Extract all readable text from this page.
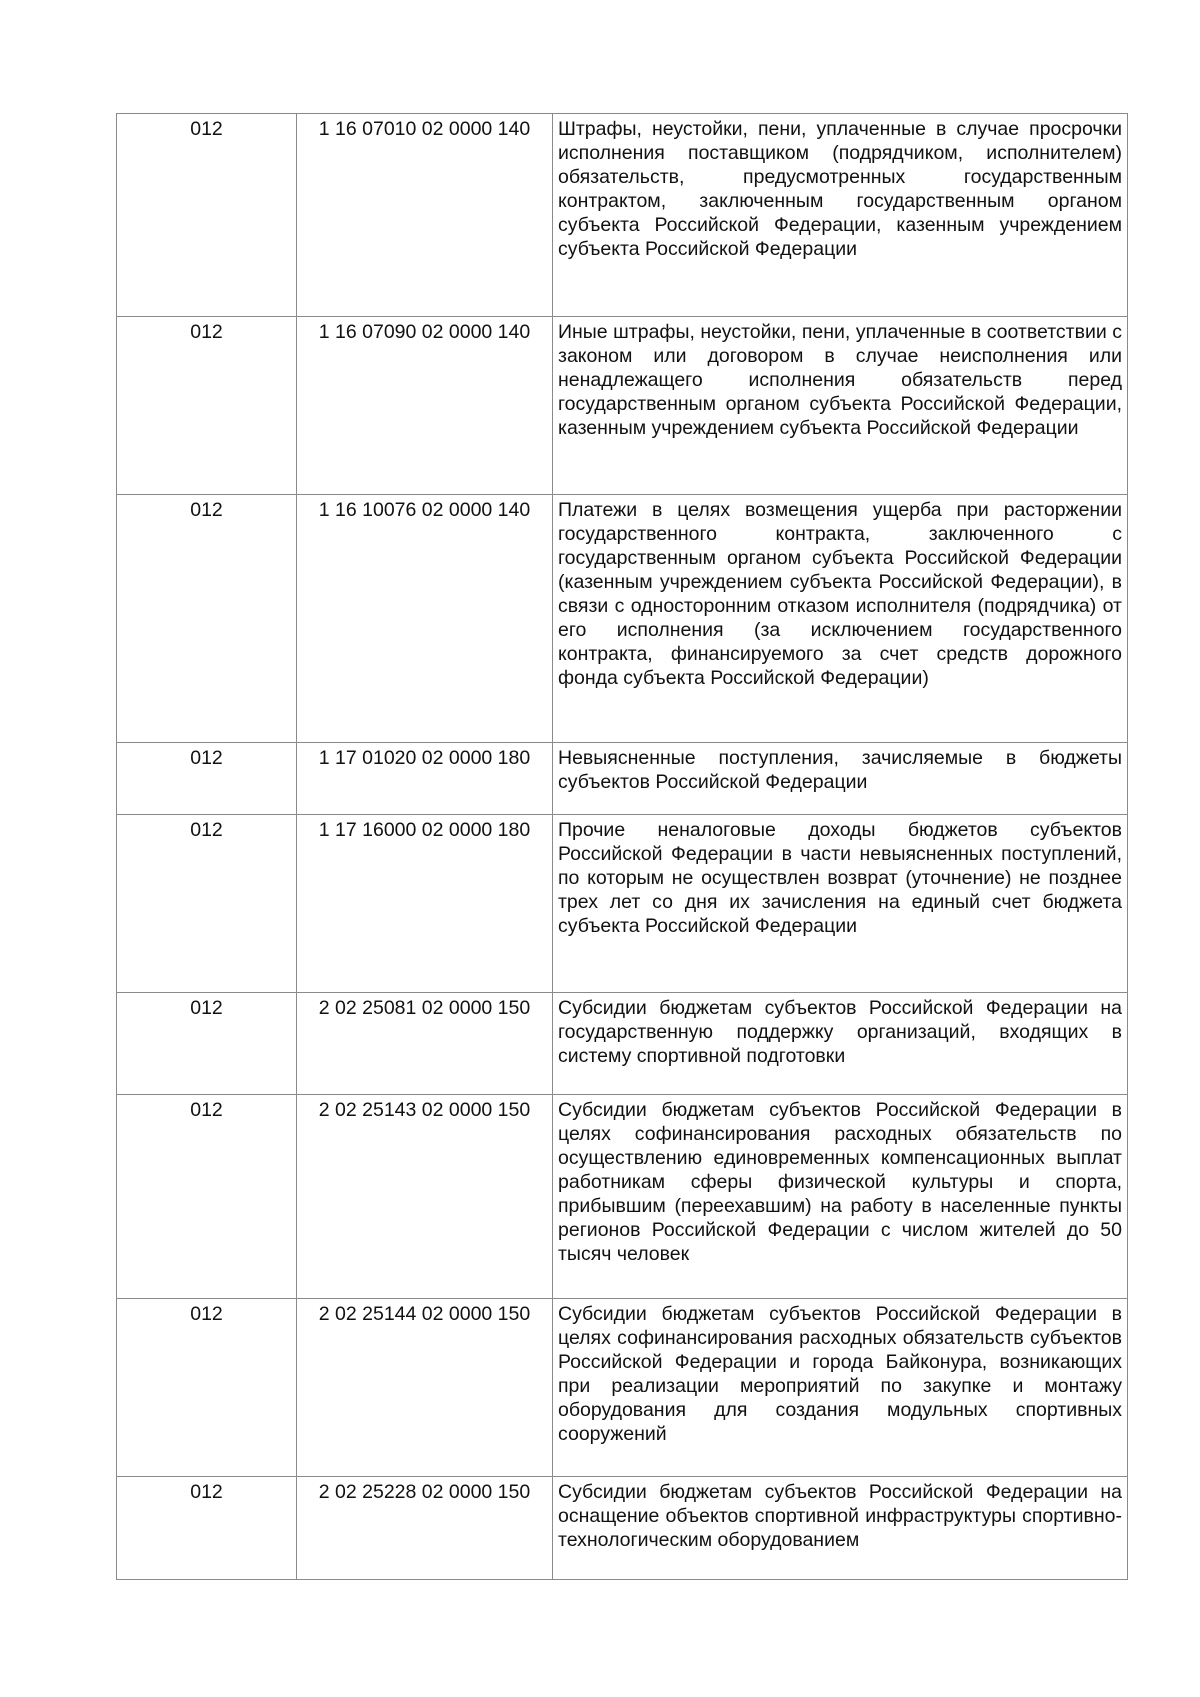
012	1 16 07010 02 0000 140	Штрафы, неустойки, пени, уплаченные в случае просрочки исполнения поставщиком (подрядчиком, исполнителем) обязательств, предусмотренных государственным контрактом, заключенным государственным органом субъекта Российской Федерации, казенным учреждением субъекта Российской Федерации
012	1 16 07090 02 0000 140	Иные штрафы, неустойки, пени, уплаченные в соответствии с законом или договором в случае неисполнения или ненадлежащего исполнения обязательств перед государственным органом субъекта Российской Федерации, казенным учреждением субъекта Российской Федерации
012	1 16 10076 02 0000 140	Платежи в целях возмещения ущерба при расторжении государственного контракта, заключенного с государственным органом субъекта Российской Федерации (казенным учреждением субъекта Российской Федерации), в связи с односторонним отказом исполнителя (подрядчика) от его исполнения (за исключением государственного контракта, финансируемого за счет средств дорожного фонда субъекта Российской Федерации)
012	1 17 01020 02 0000 180	Невыясненные поступления, зачисляемые в бюджеты субъектов Российской Федерации
012	1 17 16000 02 0000 180	Прочие неналоговые доходы бюджетов субъектов Российской Федерации в части невыясненных поступлений, по которым не осуществлен возврат (уточнение) не позднее трех лет со дня их зачисления на единый счет бюджета субъекта Российской Федерации
012	2 02 25081 02 0000 150	Субсидии бюджетам субъектов Российской Федерации на государственную поддержку организаций, входящих в систему спортивной подготовки
012	2 02 25143 02 0000 150	Субсидии бюджетам субъектов Российской Федерации в целях софинансирования расходных обязательств по осуществлению единовременных компенсационных выплат работникам сферы физической культуры и спорта, прибывшим (переехавшим) на работу в населенные пункты регионов Российской Федерации с числом жителей до 50 тысяч человек
012	2 02 25144 02 0000 150	Субсидии бюджетам субъектов Российской Федерации в целях софинансирования расходных обязательств субъектов Российской Федерации и города Байконура, возникающих при реализации мероприятий по закупке и монтажу оборудования для создания модульных спортивных сооружений
012	2 02 25228 02 0000 150	Субсидии бюджетам субъектов Российской Федерации на оснащение объектов спортивной инфраструктуры спортивно-технологическим оборудованием
